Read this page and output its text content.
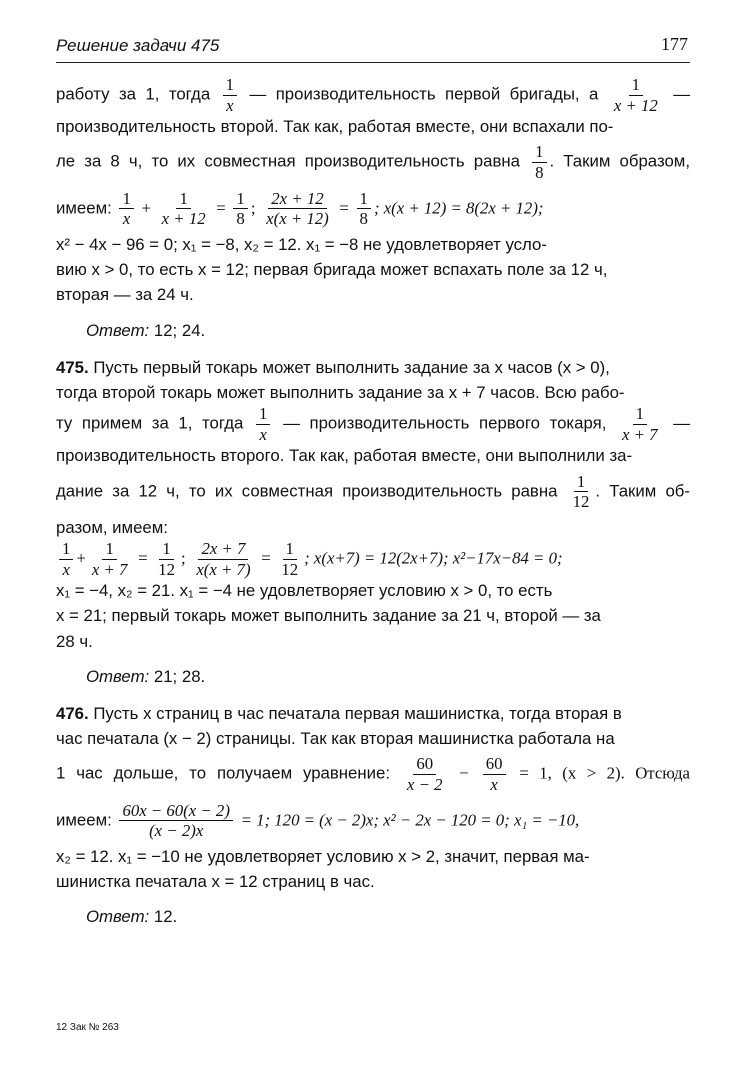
Решение задачи 475	177

работу за 1, тогда $\frac{1}{x}$ — производительность первой бригады, а $\frac{1}{x + 12}$ —
производительность второй. Так как, работая вместе, они вспахали по-
ле за 8 ч, то их совместная производительность равна $\frac{1}{8}$ . Таким образом,
имеем: $\frac{1}{x} + \frac{1}{x + 12} = \frac{1}{8}$ ; $\frac{2x + 12}{x(x + 12)} = \frac{1}{8}$ ; x(x + 12) = 8(2x + 12);
x² − 4x − 96 = 0; x₁ = −8, x₂ = 12. x₁ = −8 не удовлетворяет усло-
вию x > 0, то есть x = 12; первая бригада может вспахать поле за 12 ч,
вторая — за 24 ч.

Ответ: 12; 24.

475. Пусть первый токарь может выполнить задание за x часов (x > 0),
тогда второй токарь может выполнить задание за x + 7 часов. Всю рабо-
ту примем за 1, тогда $\frac{1}{x}$ — производительность первого токаря, $\frac{1}{x + 7}$ —
производительность второго. Так как, работая вместе, они выполнили за-
дание за 12 ч, то их совместная производительность равна $\frac{1}{12}$ . Таким об-
разом, имеем:
$\frac{1}{x} + \frac{1}{x + 7} = \frac{1}{12}$ ; $\frac{2x + 7}{x(x + 7)} = \frac{1}{12}$ ; x(x+7) = 12(2x+7); x²−17x−84 = 0;
x₁ = −4, x₂ = 21. x₁ = −4 не удовлетворяет условию x > 0, то есть
x = 21; первый токарь может выполнить задание за 21 ч, второй — за
28 ч.

Ответ: 21; 28.

476. Пусть x страниц в час печатала первая машинистка, тогда вторая в
час печатала (x − 2) страницы. Так как вторая машинистка работала на
1 час дольше, то получаем уравнение: $\frac{60}{x - 2} - \frac{60}{x} = 1$, (x > 2). Отсюда
имеем: $\frac{60x - 60(x - 2)}{(x - 2)x} = 1$; 120 = (x − 2)x; x² − 2x − 120 = 0; x₁ = −10,
x₂ = 12. x₁ = −10 не удовлетворяет условию x > 2, значит, первая ма-
шинистка печатала x = 12 страниц в час.

Ответ: 12.
12 Зак № 263
